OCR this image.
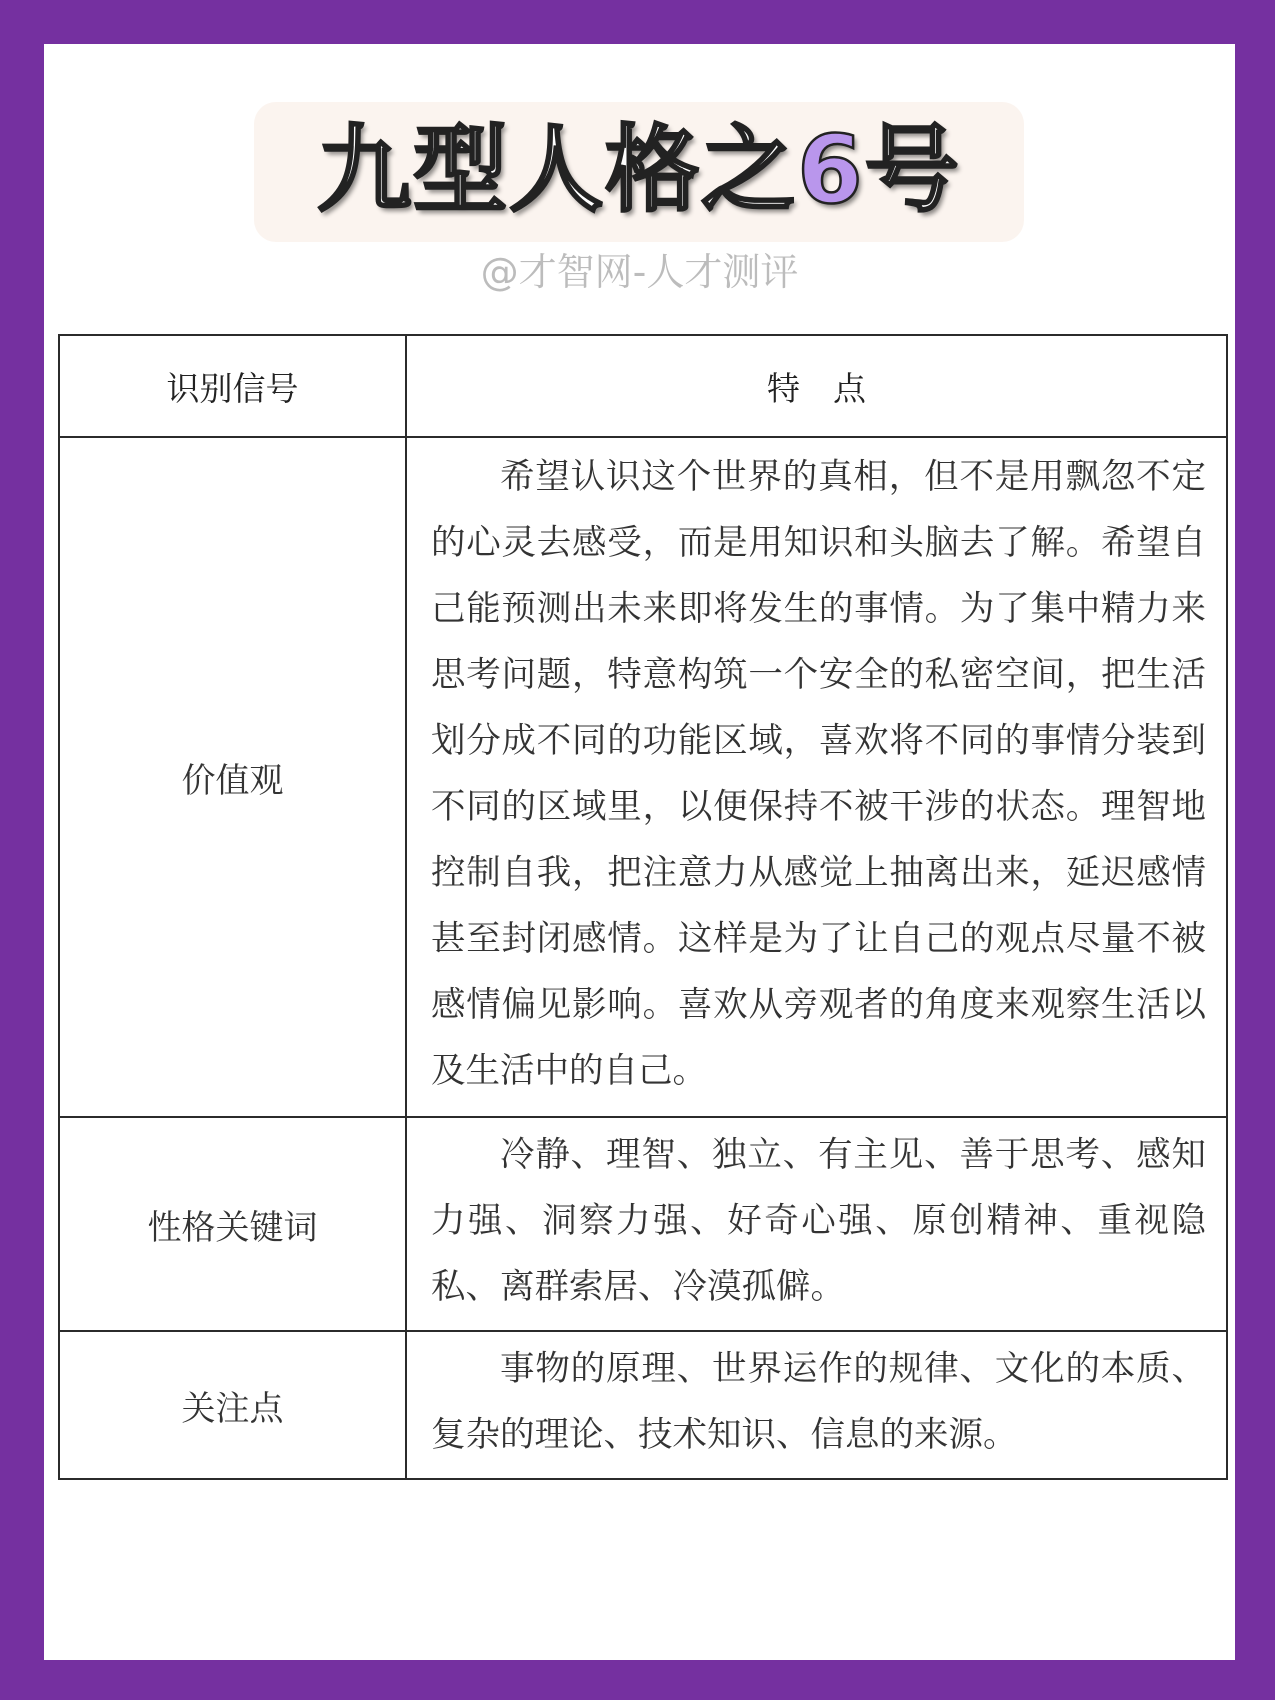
九型人格之6号
@才智网-人才测评
识别信号	特　点
价值观	希望认识这个世界的真相，但不是用飘忽不定的心灵去感受，而是用知识和头脑去了解。希望自己能预测出未来即将发生的事情。为了集中精力来思考问题，特意构筑一个安全的私密空间，把生活划分成不同的功能区域，喜欢将不同的事情分装到不同的区域里，以便保持不被干涉的状态。理智地控制自我，把注意力从感觉上抽离出来，延迟感情甚至封闭感情。这样是为了让自己的观点尽量不被感情偏见影响。喜欢从旁观者的角度来观察生活以及生活中的自己。
性格关键词	冷静、理智、独立、有主见、善于思考、感知力强、洞察力强、好奇心强、原创精神、重视隐私、离群索居、冷漠孤僻。
关注点	事物的原理、世界运作的规律、文化的本质、复杂的理论、技术知识、信息的来源。
